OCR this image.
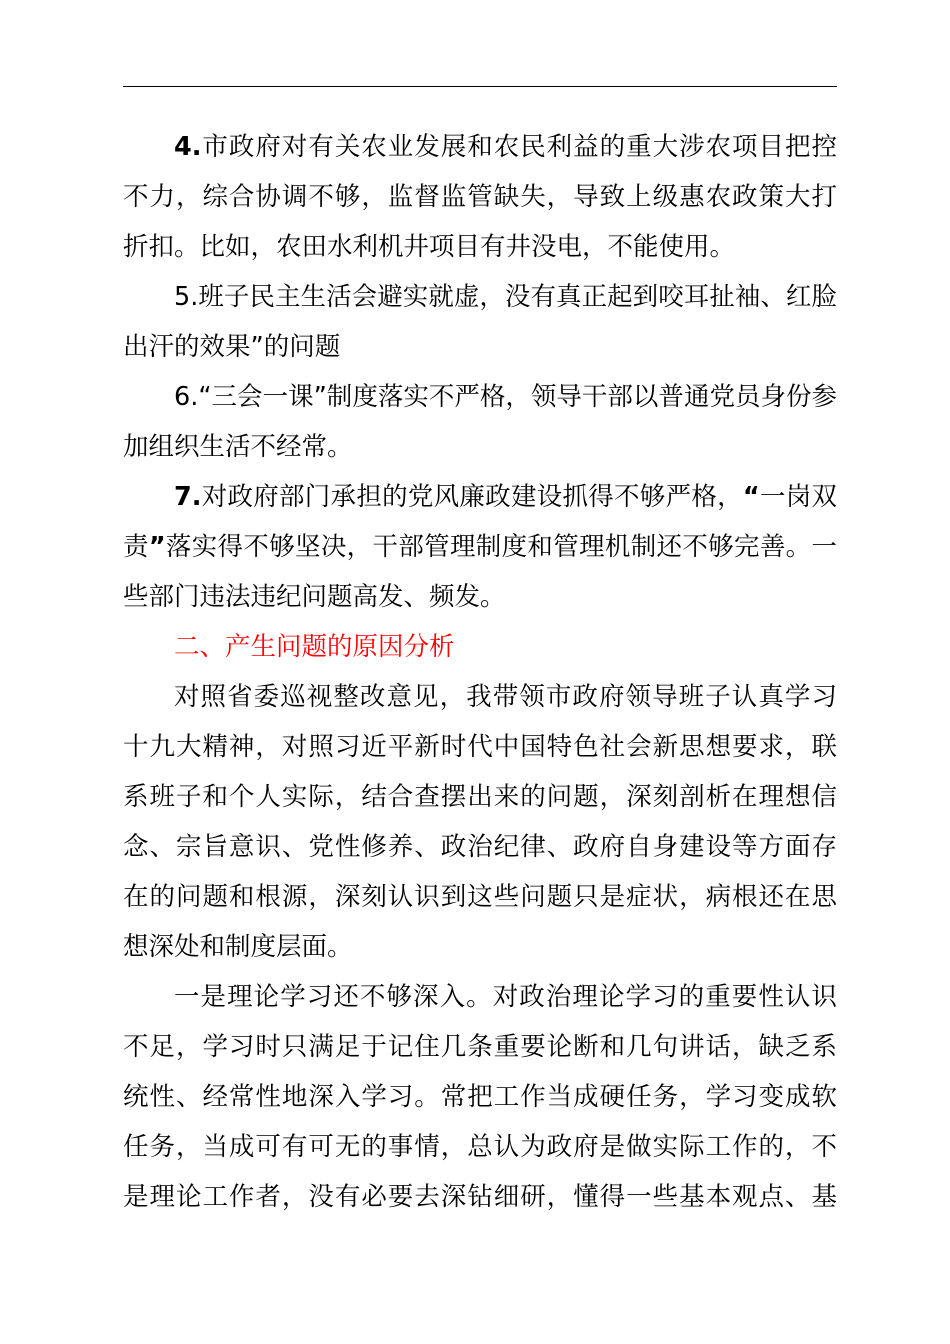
4.市政府对有关农业发展和农民利益的重大涉农项目把控
不力，综合协调不够，监督监管缺失，导致上级惠农政策大打
折扣。比如，农田水利机井项目有井没电，不能使用。
5.班子民主生活会避实就虚，没有真正起到咬耳扯袖、红脸
出汗的效果”的问题
6.“三会一课”制度落实不严格，领导干部以普通党员身份参
加组织生活不经常。
7.对政府部门承担的党风廉政建设抓得不够严格，“一岗双
责”落实得不够坚决，干部管理制度和管理机制还不够完善。一
些部门违法违纪问题高发、频发。
二、产生问题的原因分析
对照省委巡视整改意见，我带领市政府领导班子认真学习
十九大精神，对照习近平新时代中国特色社会新思想要求，联
系班子和个人实际，结合查摆出来的问题，深刻剖析在理想信
念、宗旨意识、党性修养、政治纪律、政府自身建设等方面存
在的问题和根源，深刻认识到这些问题只是症状，病根还在思
想深处和制度层面。
一是理论学习还不够深入。对政治理论学习的重要性认识
不足，学习时只满足于记住几条重要论断和几句讲话，缺乏系
统性、经常性地深入学习。常把工作当成硬任务，学习变成软
任务，当成可有可无的事情，总认为政府是做实际工作的，不
是理论工作者，没有必要去深钻细研，懂得一些基本观点、基
